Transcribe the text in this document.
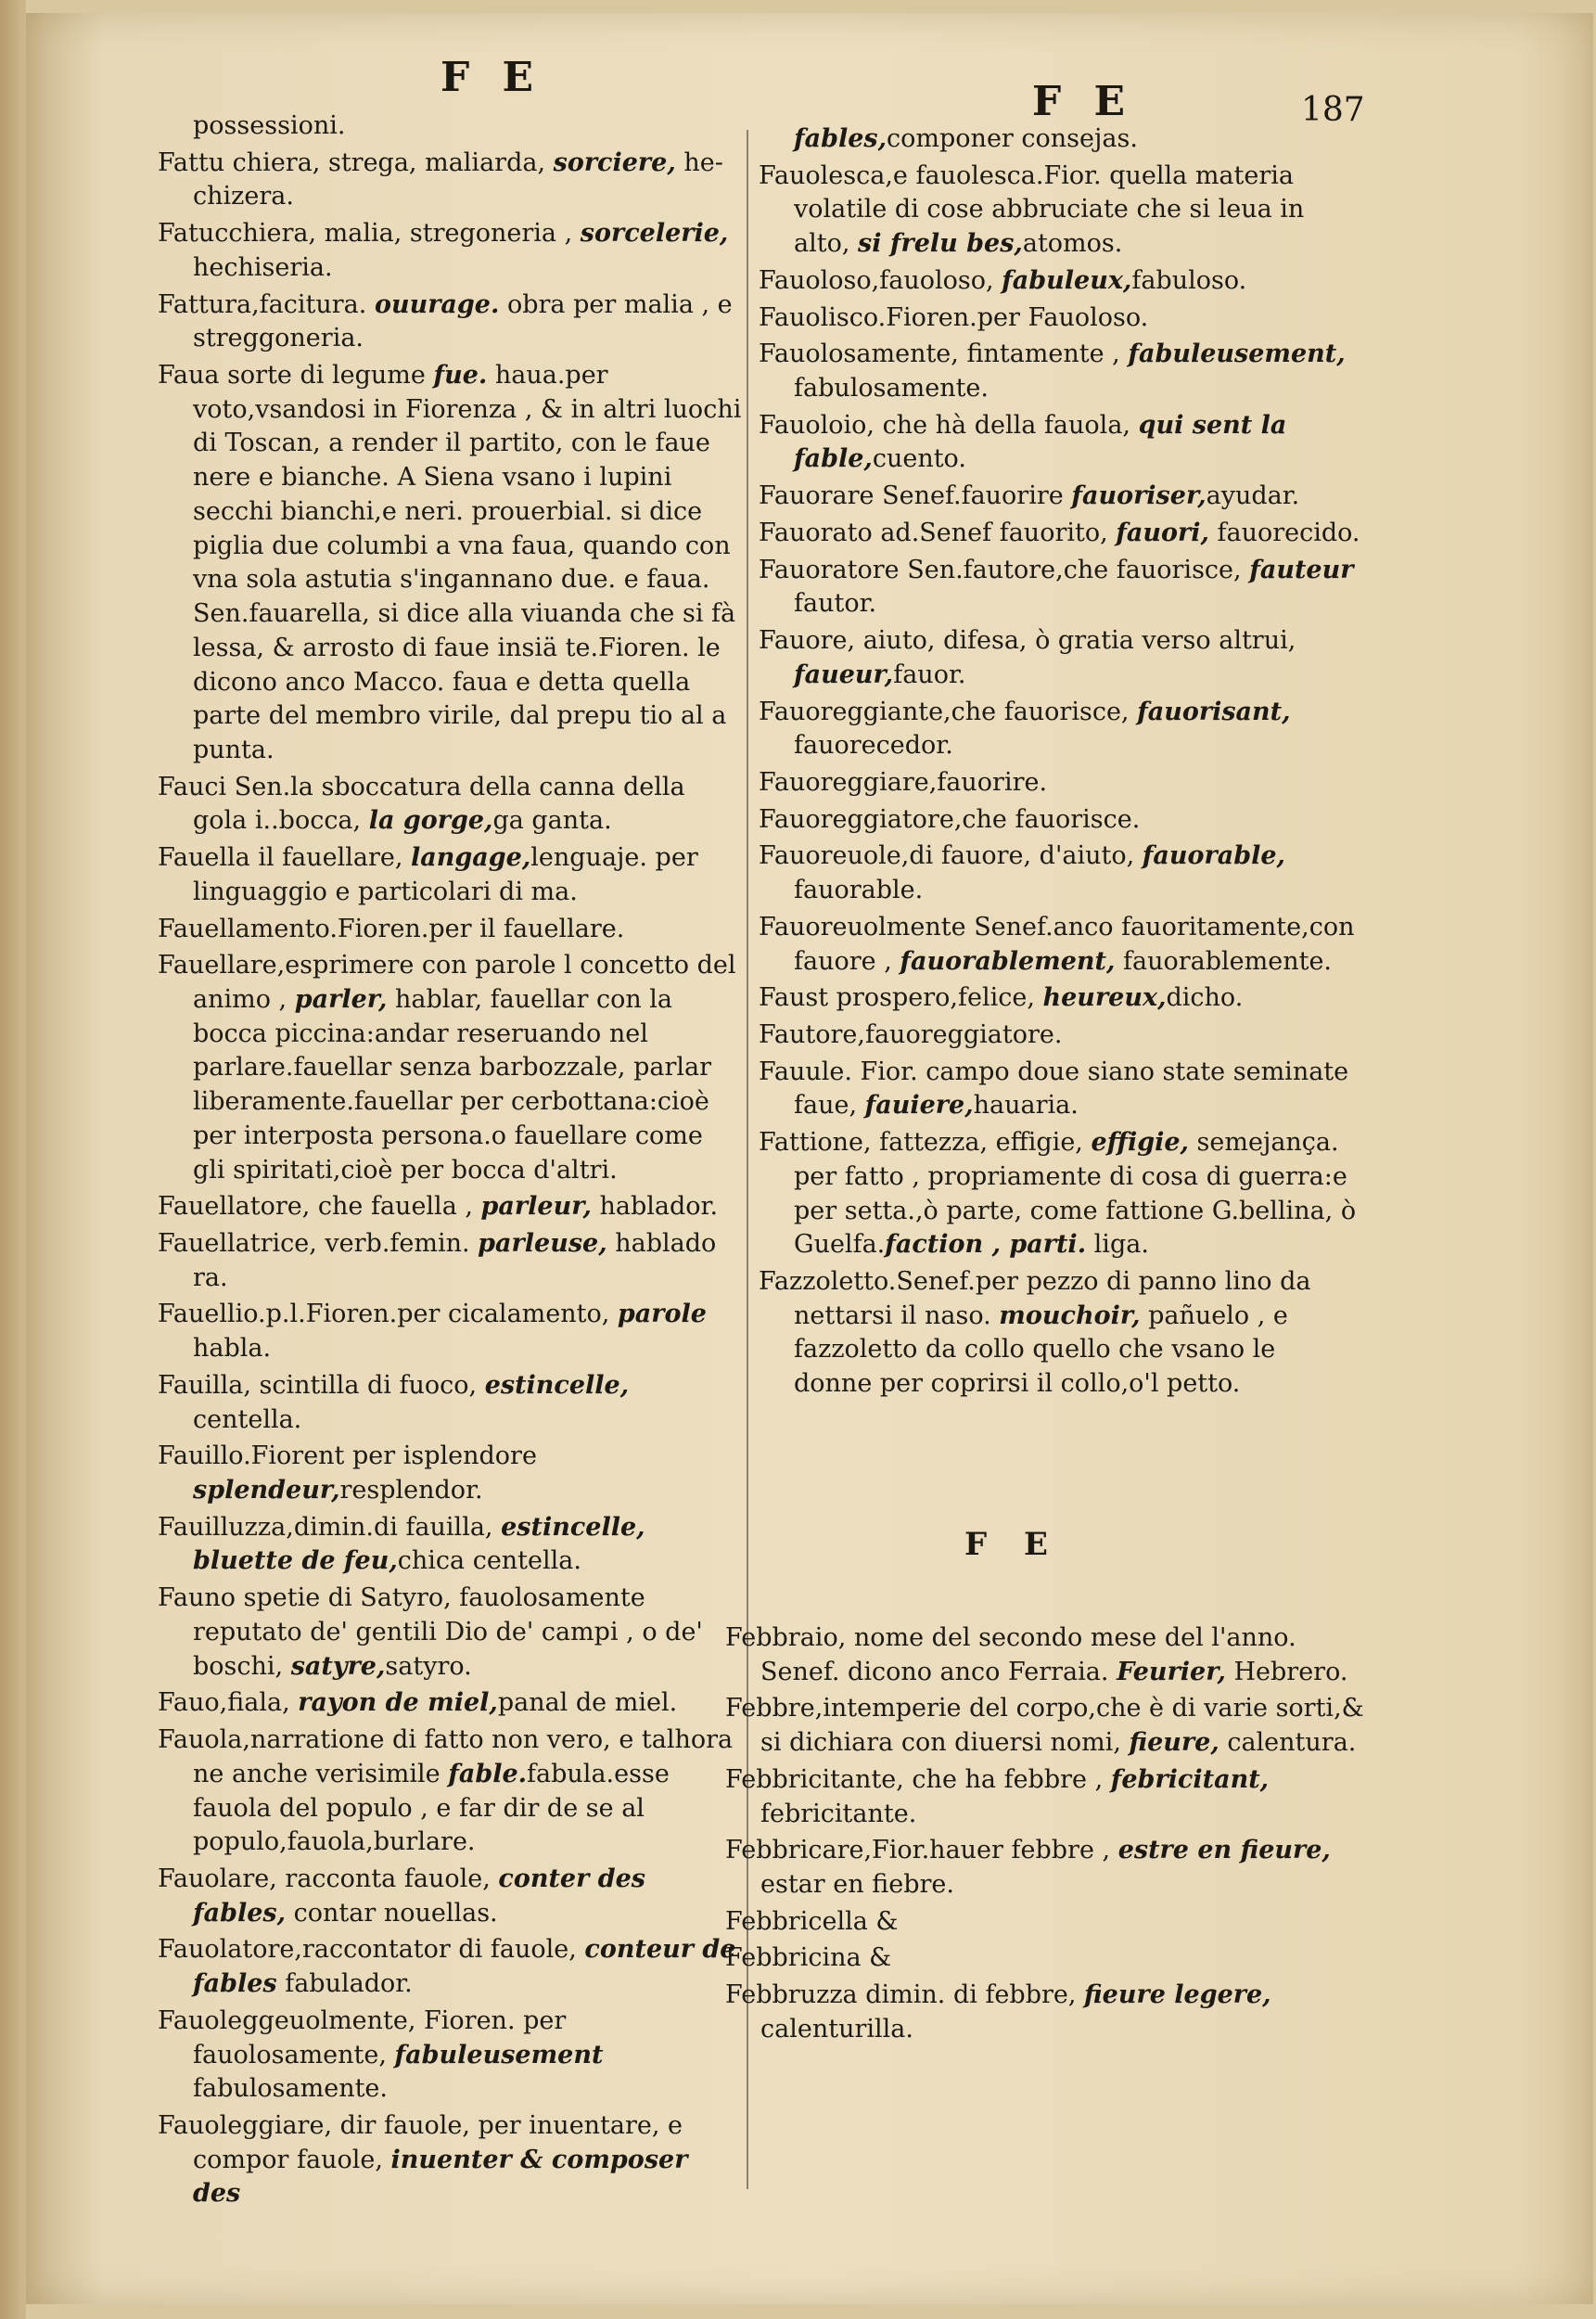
F E
F E	187
possessioni.
Fattu chiera, strega, maliarda, sorciere, he-chizera.
Fatucchiera, malia, stregoneria , sorcelerie, hechiseria.
Fattura,facitura. ouurage. obra per malia , e streggoneria.
Faua sorte di legume fue. haua.per voto,vsandosi in Fiorenza , & in altri luochi di Toscan, a render il partito, con le faue nere e bianche. A Siena vsano i lupini secchi bianchi,e neri. prouerbial. si dice piglia due columbi a vna faua, quando con vna sola astutia s'ingannano due. e faua. Sen.fauarella, si dice alla viuanda che si fà lessa, & arrosto di faue insiä te.Fioren. le dicono anco Macco. faua e detta quella parte del membro virile, dal prepu tio al a punta.
Fauci Sen.la sboccatura della canna della gola i..bocca, la gorge,ga ganta.
Fauella il fauellare, langage,lenguaje. per linguaggio e particolari di ma.
Fauellamento.Fioren.per il fauellare.
Fauellare,esprimere con parole l concetto del animo , parler, hablar, fauellar con la bocca piccina:andar reseruando nel parlare.fauellar senza barbozzale, parlar liberamente.fauellar per cerbottana:cioè per interposta persona.o fauellare come gli spiritati,cioè per bocca d'altri.
Fauellatore, che fauella , parleur, hablador.
Fauellatrice, verb.femin. parleuse, hablado ra.
Fauellio.p.l.Fioren.per cicalamento, parole habla.
Fauilla, scintilla di fuoco, estincelle, centella.
Fauillo.Fiorent per isplendore splendeur,resplendor.
Fauilluzza,dimin.di fauilla, estincelle, bluette de feu,chica centella.
Fauno spetie di Satyro, fauolosamente reputato de' gentili Dio de' campi , o de' boschi, satyre,satyro.
Fauo,fiala, rayon de miel,panal de miel.
Fauola,narratione di fatto non vero, e talhora ne anche verisimile fable.fabula.esse fauola del populo , e far dir de se al populo,fauola,burlare.
Fauolare, racconta fauole, conter des fables, contar nouellas.
Fauolatore,raccontator di fauole, conteur de fables fabulador.
Fauoleggeuolmente, Fioren. per fauolosamente, fabuleusement fabulosamente.
Fauoleggiare, dir fauole, per inuentare, e compor fauole, inuenter & composer des
fables,componer consejas.
Fauolesca,e fauolesca.Fior. quella materia volatile di cose abbruciate che si leua in alto, si frelu bes,atomos.
Fauoloso,fauoloso, fabuleux,fabuloso.
Fauolisco.Fioren.per Fauoloso.
Fauolosamente, fintamente , fabuleusement, fabulosamente.
Fauoloio, che hà della fauola, qui sent la fable,cuento.
Fauorare Senef.fauorire fauoriser,ayudar.
Fauorato ad.Senef fauorito, fauori, fauorecido.
Fauoratore Sen.fautore,che fauorisce, fauteur fautor.
Fauore, aiuto, difesa, ò gratia verso altrui, faueur,fauor.
Fauoreggiante,che fauorisce, fauorisant, fauorecedor.
Fauoreggiare,fauorire.
Fauoreggiatore,che fauorisce.
Fauoreuole,di fauore, d'aiuto, fauorable, fauorable.
Fauoreuolmente Senef.anco fauoritamente,con fauore , fauorablement, fauorablemente.
Faust prospero,felice, heureux,dicho.
Fautore,fauoreggiatore.
Fauule. Fior. campo doue siano state seminate faue, fauiere,hauaria.
Fattione, fattezza, effigie, effigie, semejança. per fatto , propriamente di cosa di guerra:e per setta.,ò parte, come fattione G.bellina, ò Guelfa.faction , parti. liga.
Fazzoletto.Senef.per pezzo di panno lino da nettarsi il naso. mouchoir, pañuelo , e fazzoletto da collo quello che vsano le donne per coprirsi il collo,o'l petto.
F E
Febbraio, nome del secondo mese del l'anno. Senef. dicono anco Ferraia. Feurier, Hebrero.
Febbre,intemperie del corpo,che è di varie sorti,& si dichiara con diuersi nomi, fieure, calentura.
Febbricitante, che ha febbre , febricitant, febricitante.
Febbricare,Fior.hauer febbre , estre en fieure, estar en fiebre.
Febbricella &
Febbricina &
Febbruzza dimin. di febbre, fieure legere, calenturilla.
